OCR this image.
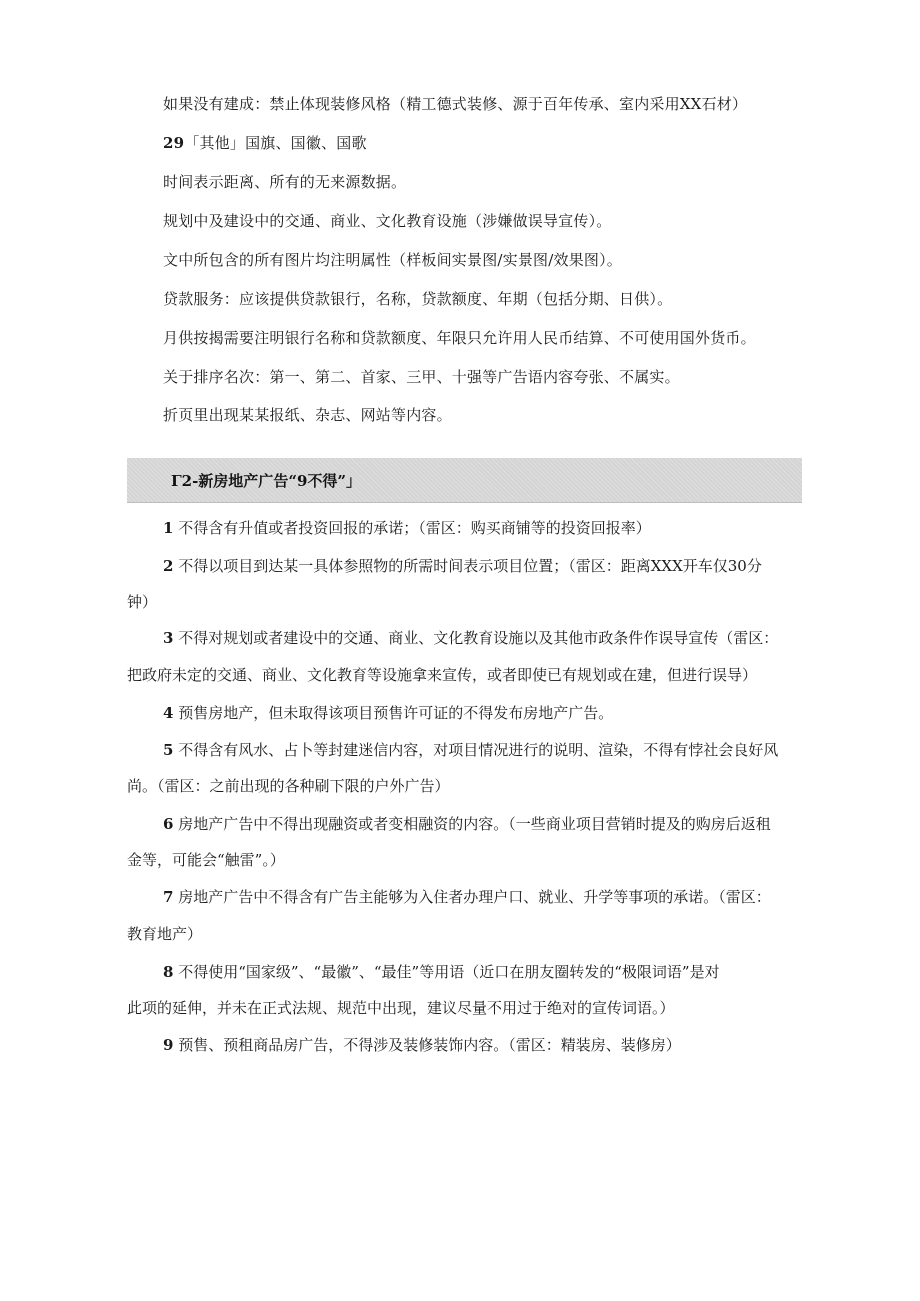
如果没有建成：禁止体现装修风格（精工德式装修、源于百年传承、室内采用XX石材）
29「其他」国旗、国徽、国歌
时间表示距离、所有的无来源数据。
规划中及建设中的交通、商业、文化教育设施（涉嫌做误导宣传）。
文中所包含的所有图片均注明属性（样板间实景图/实景图/效果图）。
贷款服务：应该提供贷款银行，名称，贷款额度、年期（包括分期、日供）。
月供按揭需要注明银行名称和贷款额度、年限只允许用人民币结算、不可使用国外货币。
关于排序名次：第一、第二、首家、三甲、十强等广告语内容夸张、不属实。
折页里出现某某报纸、杂志、网站等内容。
Γ2-新房地产广告“9不得”」
1 不得含有升值或者投资回报的承诺；（雷区：购买商铺等的投资回报率）
2 不得以项目到达某一具体参照物的所需时间表示项目位置；（雷区：距离XXX开车仅30分
钟）
3 不得对规划或者建设中的交通、商业、文化教育设施以及其他市政条件作误导宣传（雷区：
把政府未定的交通、商业、文化教育等设施拿来宣传，或者即使已有规划或在建，但进行误导）
4 预售房地产，但未取得该项目预售许可证的不得发布房地产广告。
5 不得含有风水、占卜等封建迷信内容，对项目情况进行的说明、渲染，不得有悖社会良好风
尚。（雷区：之前出现的各种刷下限的户外广告）
6 房地产广告中不得出现融资或者变相融资的内容。（一些商业项目营销时提及的购房后返租
金等，可能会“触雷”。）
7 房地产广告中不得含有广告主能够为入住者办理户口、就业、升学等事项的承诺。（雷区：
教育地产）
8 不得使用“国家级”、“最徽”、“最佳”等用语（近口在朋友圈转发的“极限词语”是对
此项的延伸，并未在正式法规、规范中出现，建议尽量不用过于绝对的宣传词语。）
9 预售、预租商品房广告，不得涉及装修装饰内容。（雷区：精装房、装修房）
